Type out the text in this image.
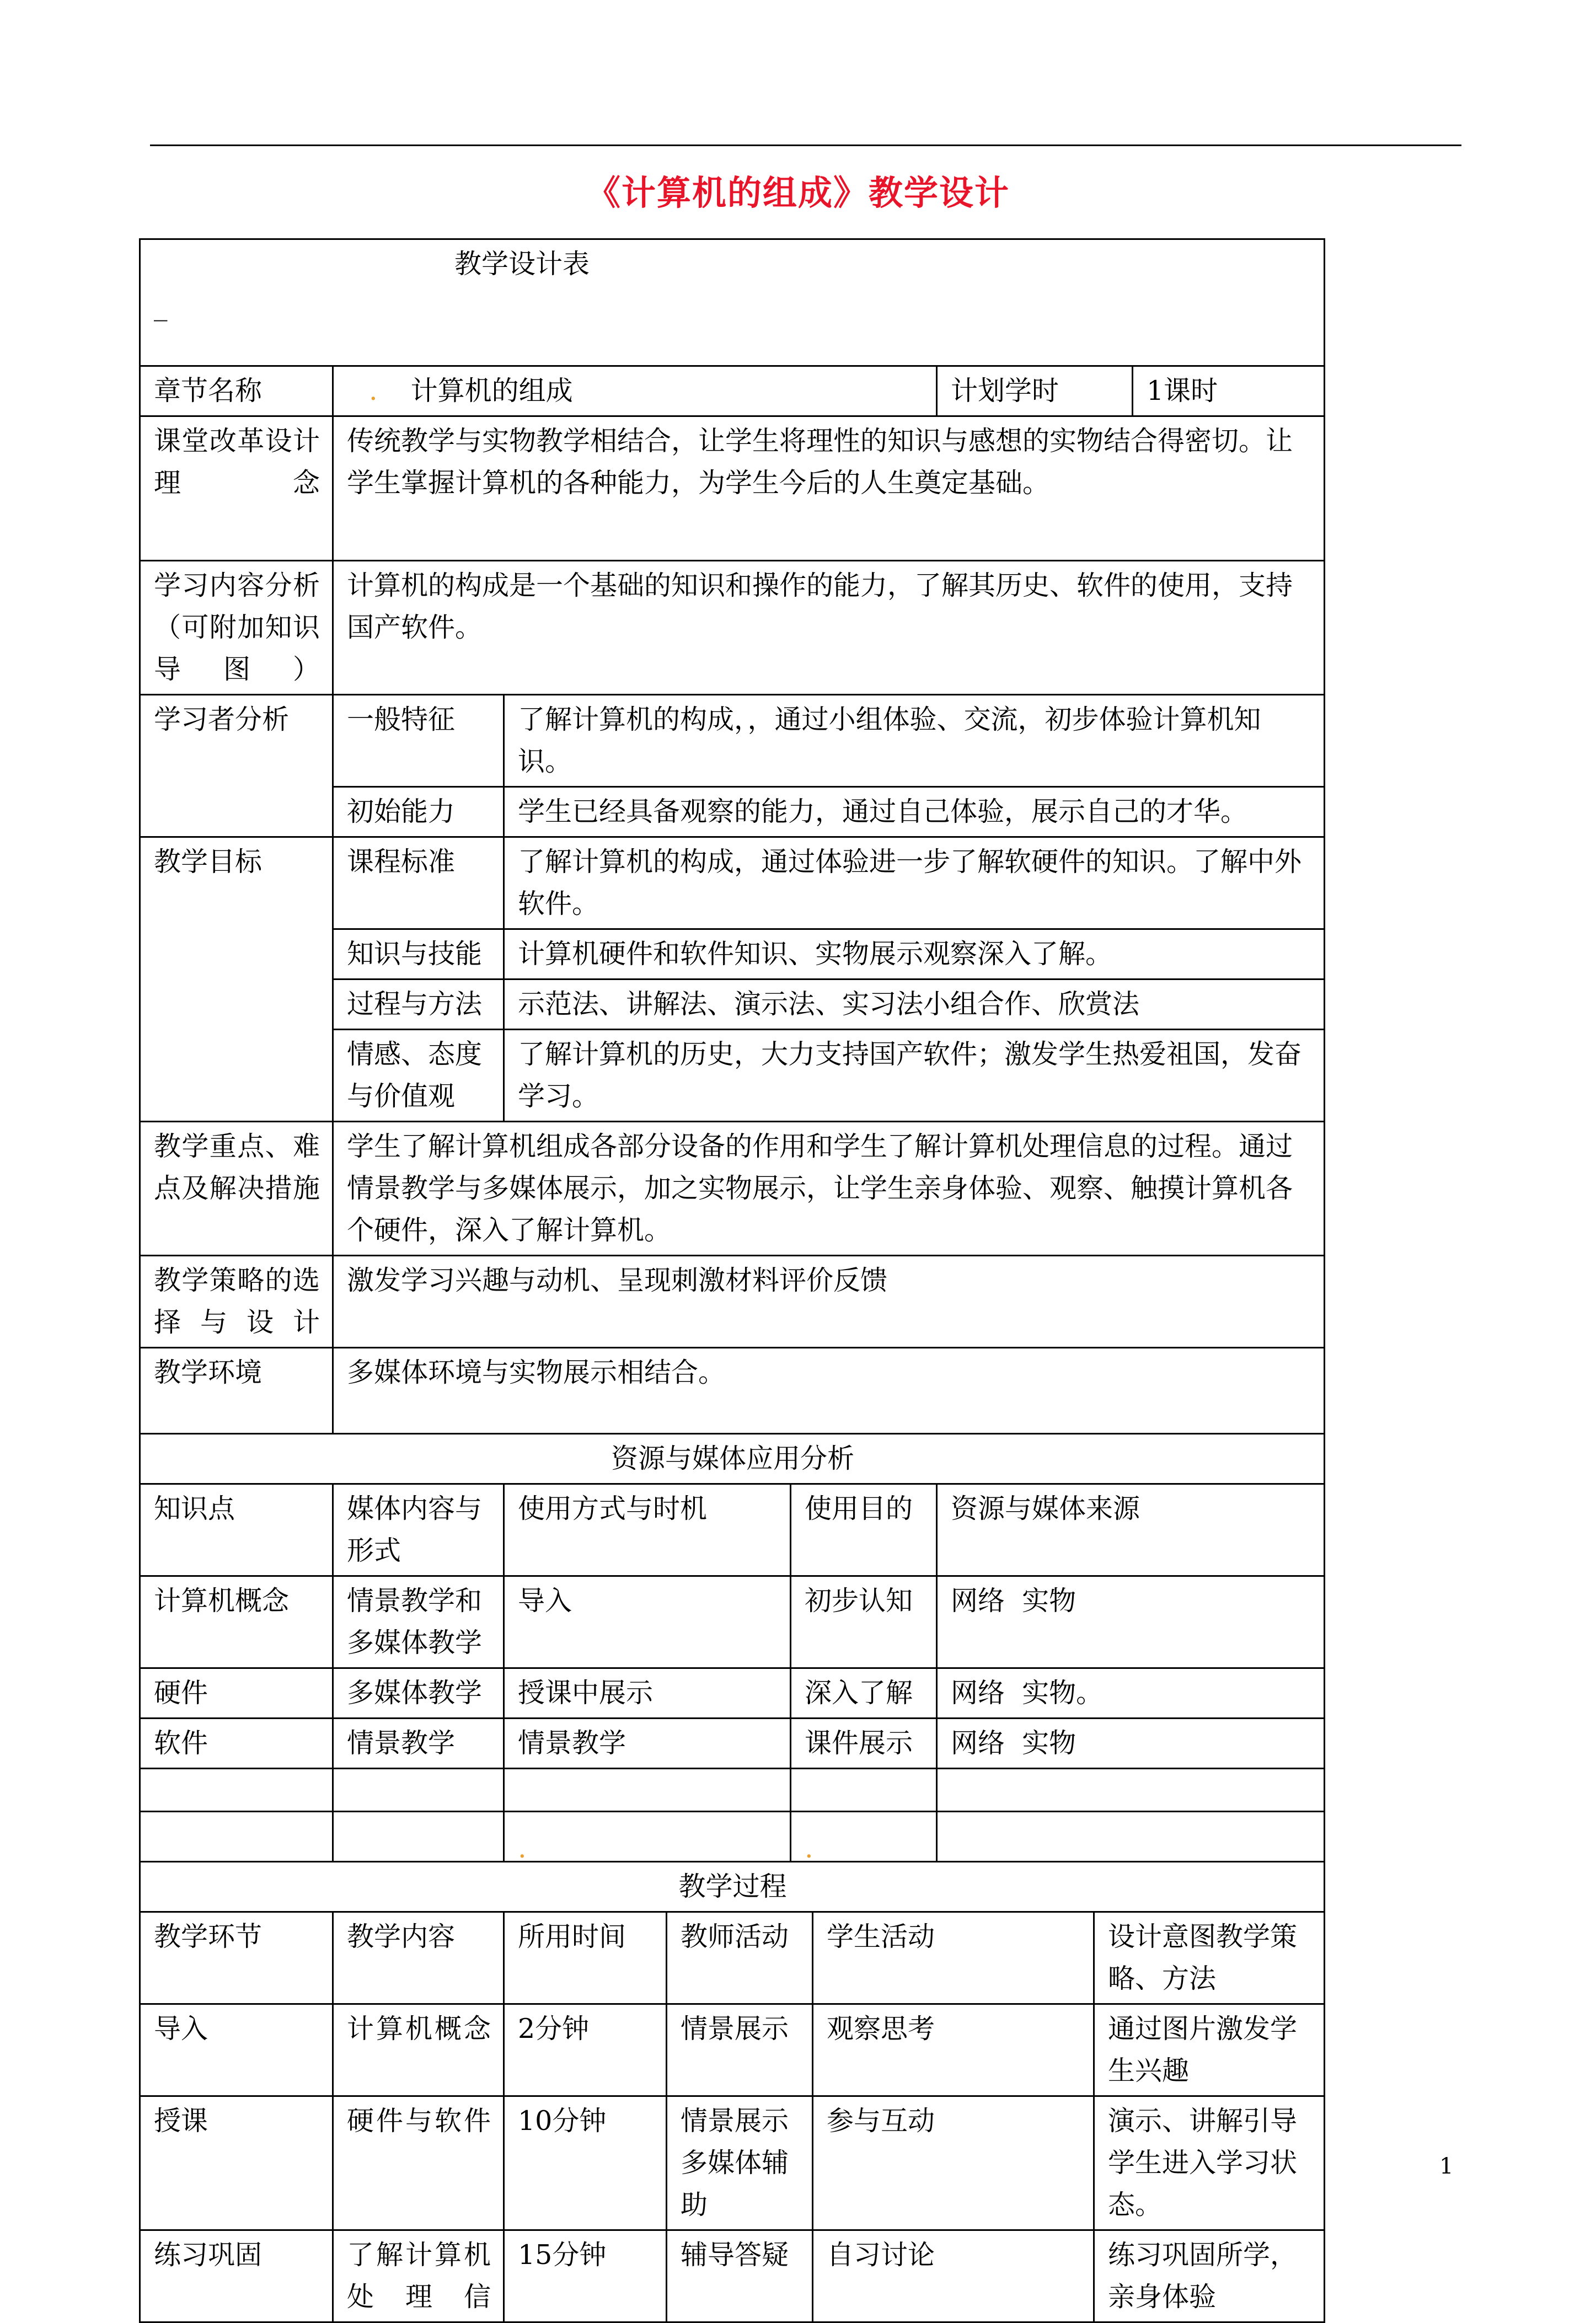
《计算机的组成》教学设计
教学设计表
_								

章节名称	. 计算机的组成					计划学时		1课时
课堂改革设计理念	传统教学与实物教学相结合，让学生将理性的知识与感想的实物结合得密切。让学生掌握计算机的各种能力，为学生今后的人生奠定基础。							
学习内容分析（可附加知识导图）	计算机的构成是一个基础的知识和操作的能力，了解其历史、软件的使用，支持国产软件。							
学习者分析	一般特征	了解计算机的构成，，通过小组体验、交流，初步体验计算机知识。						
	初始能力	学生已经具备观察的能力，通过自己体验，展示自己的才华。						
教学目标	课程标准	了解计算机的构成，通过体验进一步了解软硬件的知识。了解中外软件。						
	知识与技能	计算机硬件和软件知识、实物展示观察深入了解。						
	过程与方法	示范法、讲解法、演示法、实习法小组合作、欣赏法						
	情感、态度与价值观	了解计算机的历史，大力支持国产软件；激发学生热爱祖国，发奋学习。						
教学重点、难点及解决措施	学生了解计算机组成各部分设备的作用和学生了解计算机处理信息的过程。通过情景教学与多媒体展示，加之实物展示，让学生亲身体验、观察、触摸计算机各个硬件，深入了解计算机。							
教学策略的选择与设计	激发学习兴趣与动机、呈现刺激材料评价反馈							
教学环境	多媒体环境与实物展示相结合。							
资源与媒体应用分析								
知识点	媒体内容与形式	使用方式与时机		使用目的		资源与媒体来源		
计算机概念	情景教学和多媒体教学	导入		初步认知		网络  实物		
硬件	多媒体教学	授课中展示		深入了解		网络  实物。		
软件	情景教学	情景教学		课件展示		网络  实物		

		.		.				
教学过程								
教学环节	教学内容	所用时间	教师活动		学生活动		设计意图教学策略、方法	
导入	计算机概念	2分钟	情景展示		观察思考		通过图片激发学生兴趣	
授课	硬件与软件	10分钟	情景展示多媒体辅助		参与互动		演示、讲解引导学生进入学习状态。	
练习巩固	了解计算机处理信	15分钟	辅导答疑		自习讨论		练习巩固所学，亲身体验	
1
